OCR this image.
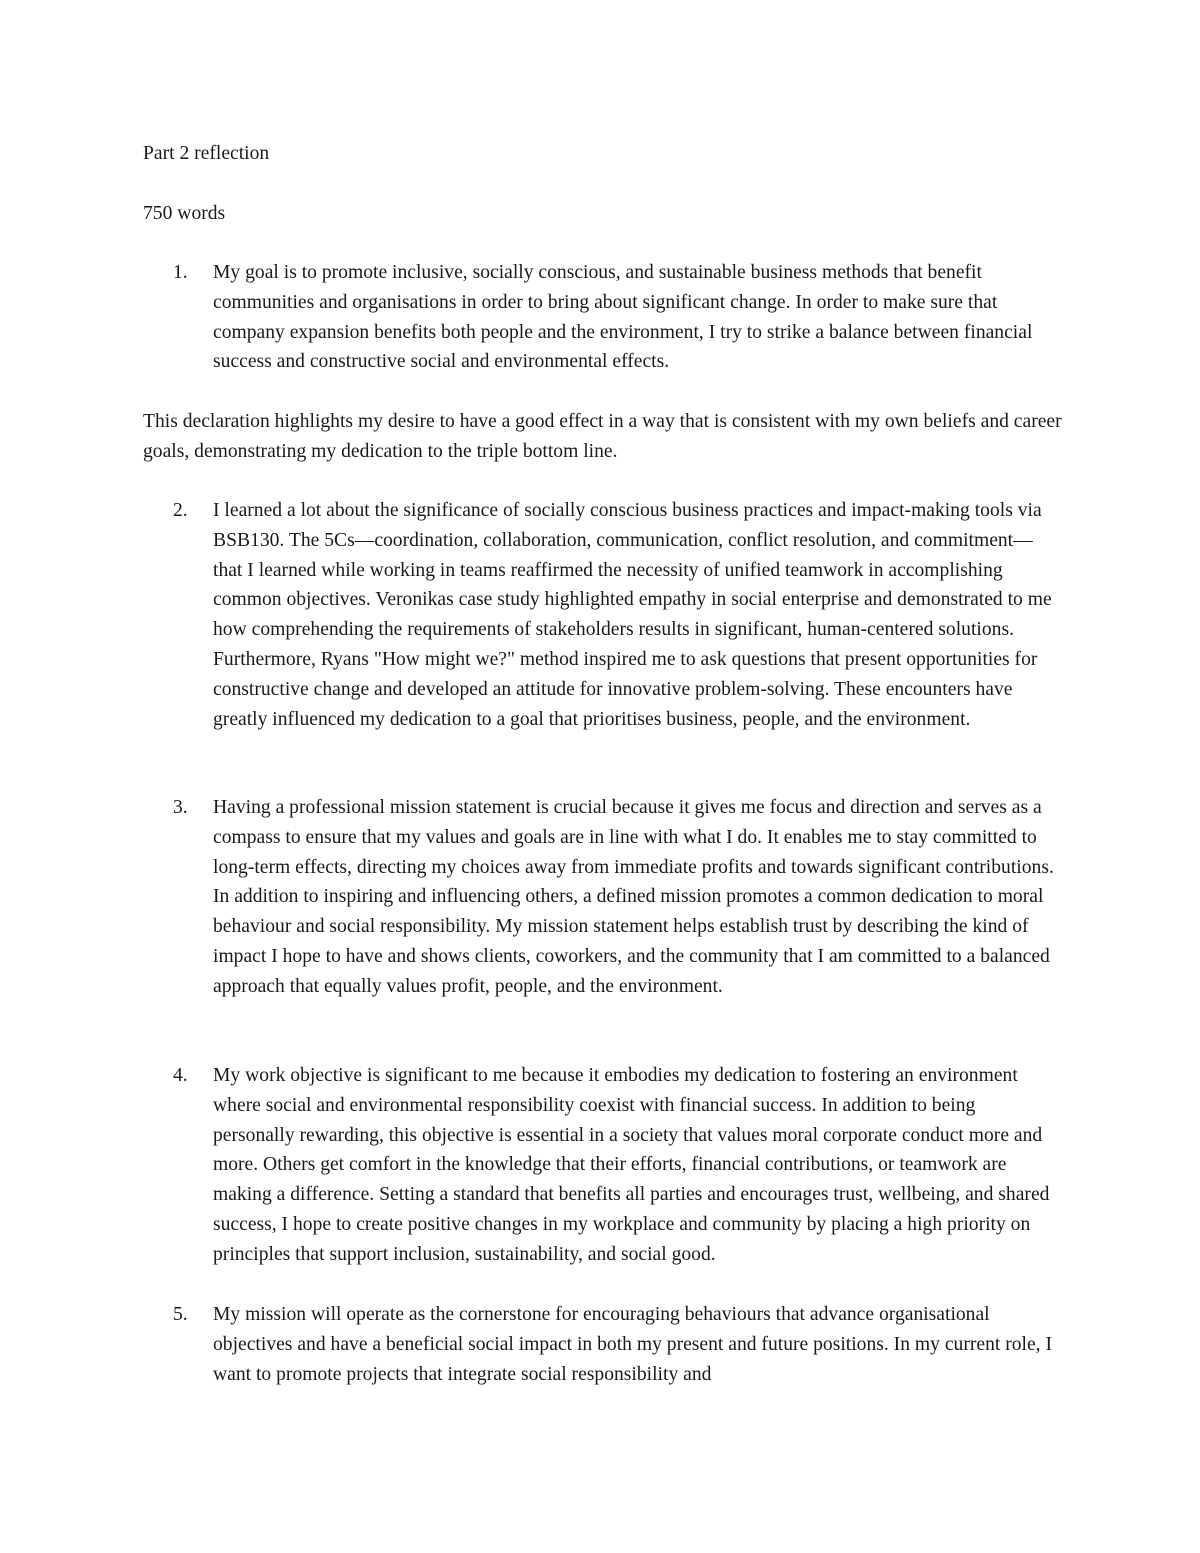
Part 2 reflection

750 words

1.	My goal is to promote inclusive, socially conscious, and sustainable business methods that benefit communities and organisations in order to bring about significant change. In order to make sure that company expansion benefits both people and the environment, I try to strike a balance between financial success and constructive social and environmental effects.

This declaration highlights my desire to have a good effect in a way that is consistent with my own beliefs and career goals, demonstrating my dedication to the triple bottom line.

2.	I learned a lot about the significance of socially conscious business practices and impact-making tools via BSB130. The 5Cs—coordination, collaboration, communication, conflict resolution, and commitment—that I learned while working in teams reaffirmed the necessity of unified teamwork in accomplishing common objectives. Veronikas case study highlighted empathy in social enterprise and demonstrated to me how comprehending the requirements of stakeholders results in significant, human-centered solutions. Furthermore, Ryans "How might we?" method inspired me to ask questions that present opportunities for constructive change and developed an attitude for innovative problem-solving. These encounters have greatly influenced my dedication to a goal that prioritises business, people, and the environment.

3.	Having a professional mission statement is crucial because it gives me focus and direction and serves as a compass to ensure that my values and goals are in line with what I do. It enables me to stay committed to long-term effects, directing my choices away from immediate profits and towards significant contributions. In addition to inspiring and influencing others, a defined mission promotes a common dedication to moral behaviour and social responsibility. My mission statement helps establish trust by describing the kind of impact I hope to have and shows clients, coworkers, and the community that I am committed to a balanced approach that equally values profit, people, and the environment.

4.	My work objective is significant to me because it embodies my dedication to fostering an environment where social and environmental responsibility coexist with financial success. In addition to being personally rewarding, this objective is essential in a society that values moral corporate conduct more and more. Others get comfort in the knowledge that their efforts, financial contributions, or teamwork are making a difference. Setting a standard that benefits all parties and encourages trust, wellbeing, and shared success, I hope to create positive changes in my workplace and community by placing a high priority on principles that support inclusion, sustainability, and social good.

5.	My mission will operate as the cornerstone for encouraging behaviours that advance organisational objectives and have a beneficial social impact in both my present and future positions. In my current role, I want to promote projects that integrate social responsibility and
